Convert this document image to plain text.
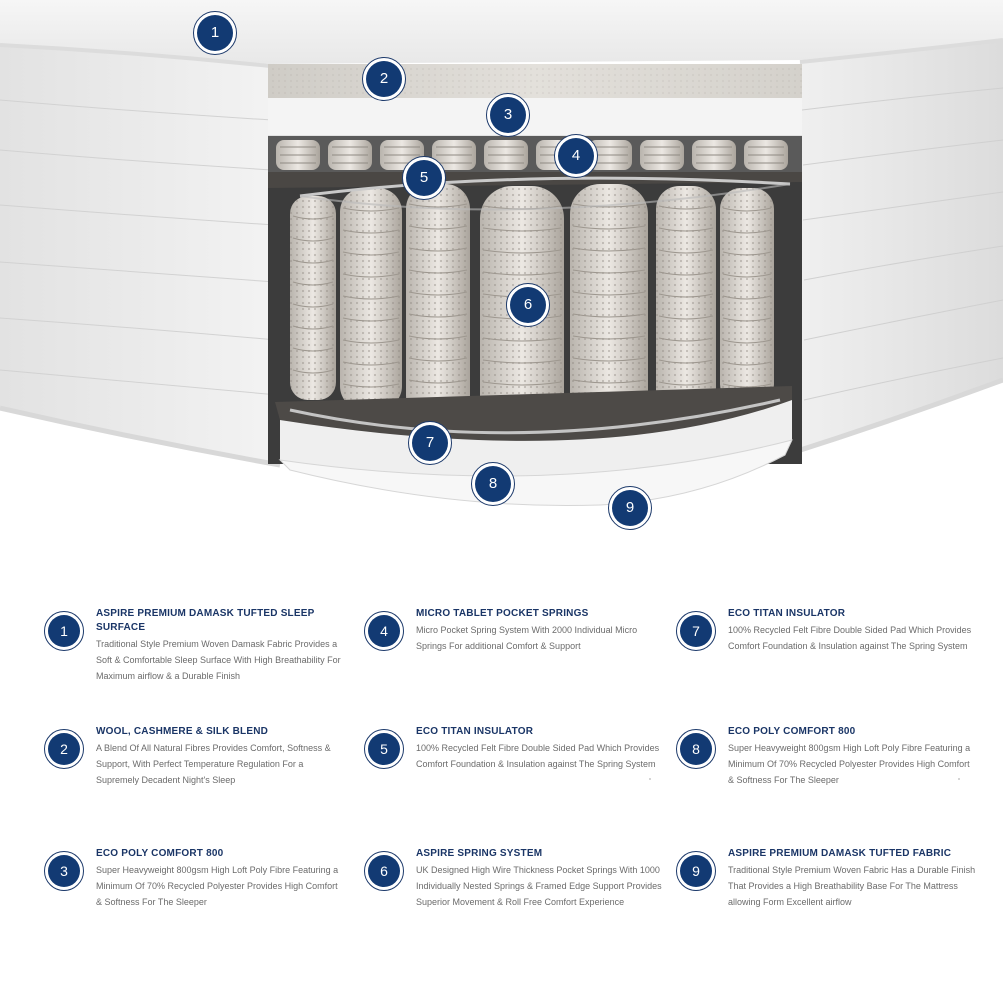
1
2
3
4
5
6
7
8
9
1
ASPIRE PREMIUM DAMASK TUFTED SLEEP SURFACE
Traditional Style Premium Woven Damask Fabric Provides a Soft & Comfortable Sleep Surface With High Breathability For Maximum airflow & a Durable Finish
2
WOOL, CASHMERE & SILK BLEND
A Blend Of All Natural Fibres Provides Comfort, Softness & Support, With Perfect Temperature Regulation For a Supremely Decadent Night's Sleep
3
ECO POLY COMFORT 800
Super Heavyweight 800gsm High Loft Poly Fibre Featuring a Minimum Of 70% Recycled Polyester Provides High Comfort & Softness For The Sleeper
4
MICRO TABLET POCKET SPRINGS
Micro Pocket Spring System With 2000 Individual Micro Springs For additional Comfort & Support
5
ECO TITAN INSULATOR
100% Recycled Felt Fibre Double Sided Pad Which Provides Comfort Foundation & Insulation against The Spring System
6
ASPIRE SPRING SYSTEM
UK Designed High Wire Thickness Pocket Springs With 1000 Individually Nested Springs & Framed Edge Support Provides Superior Movement & Roll Free Comfort Experience
7
ECO TITAN INSULATOR
100% Recycled Felt Fibre Double Sided Pad Which Provides Comfort Foundation & Insulation against The Spring System
8
ECO POLY COMFORT 800
Super Heavyweight 800gsm High Loft Poly Fibre Featuring a Minimum Of 70% Recycled Polyester Provides High Comfort & Softness For The Sleeper
9
ASPIRE PREMIUM DAMASK TUFTED FABRIC
Traditional Style Premium Woven Fabric Has a Durable Finish That Provides a High Breathability Base For The Mattress allowing Form Excellent airflow
